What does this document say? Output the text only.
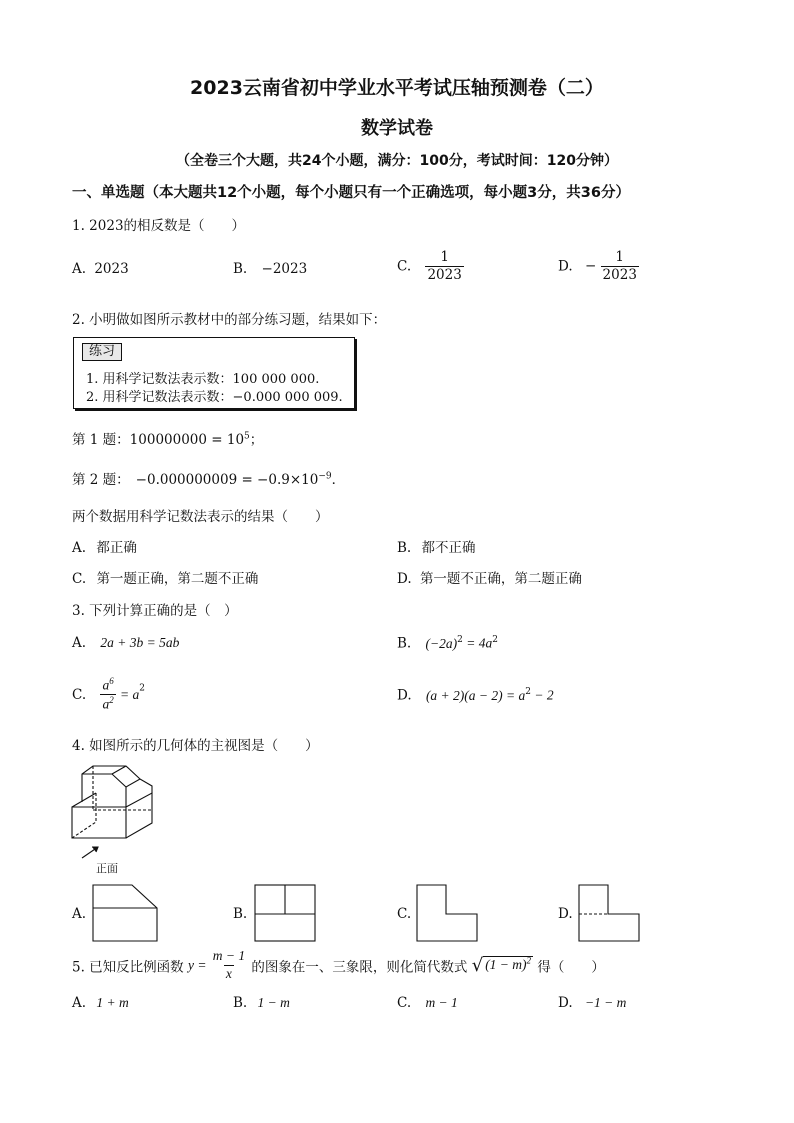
2023云南省初中学业水平考试压轴预测卷（二）
数学试卷
（全卷三个大题，共24个小题，满分：100分，考试时间：120分钟）
一、单选题（本大题共12个小题，每个小题只有一个正确选项，每小题3分，共36分）
1. 2023的相反数是（　　）
A. 2023	B. −2023	C. $\frac{1}{2023}$	D. − $\frac{1}{2023}$
2. 小明做如图所示教材中的部分练习题，结果如下：
练习
1. 用科学记数法表示数：100 000 000.
2. 用科学记数法表示数：−0.000 000 009.
第 1 题：$100000000 = 10^5$；
第 2 题： $-0.000000009 = -0.9\times 10^{-9}$．
两个数据用科学记数法表示的结果（　　）
A. 都正确	B. 都不正确
C. 第一题正确，第二题不正确	D. 第一题不正确，第二题正确
3. 下列计算正确的是（　）
A. 2a + 3b = 5ab	B. $(-2a)^2 = 4a^2$
C. $\frac{a^6}{a^2} = a^2$	D. $(a + 2)(a - 2) = a^2 - 2$
4. 如图所示的几何体的主视图是（　　）
正面
A.	B.	C.	D.
5. 已知反比例函数 $y = \frac{m - 1}{x}$ 的图象在一、三象限，则化简代数式 √ $(1 - m)^2$ 得（　　）
A. 1 + m	B. 1 − m	C. m − 1	D. −1 − m
